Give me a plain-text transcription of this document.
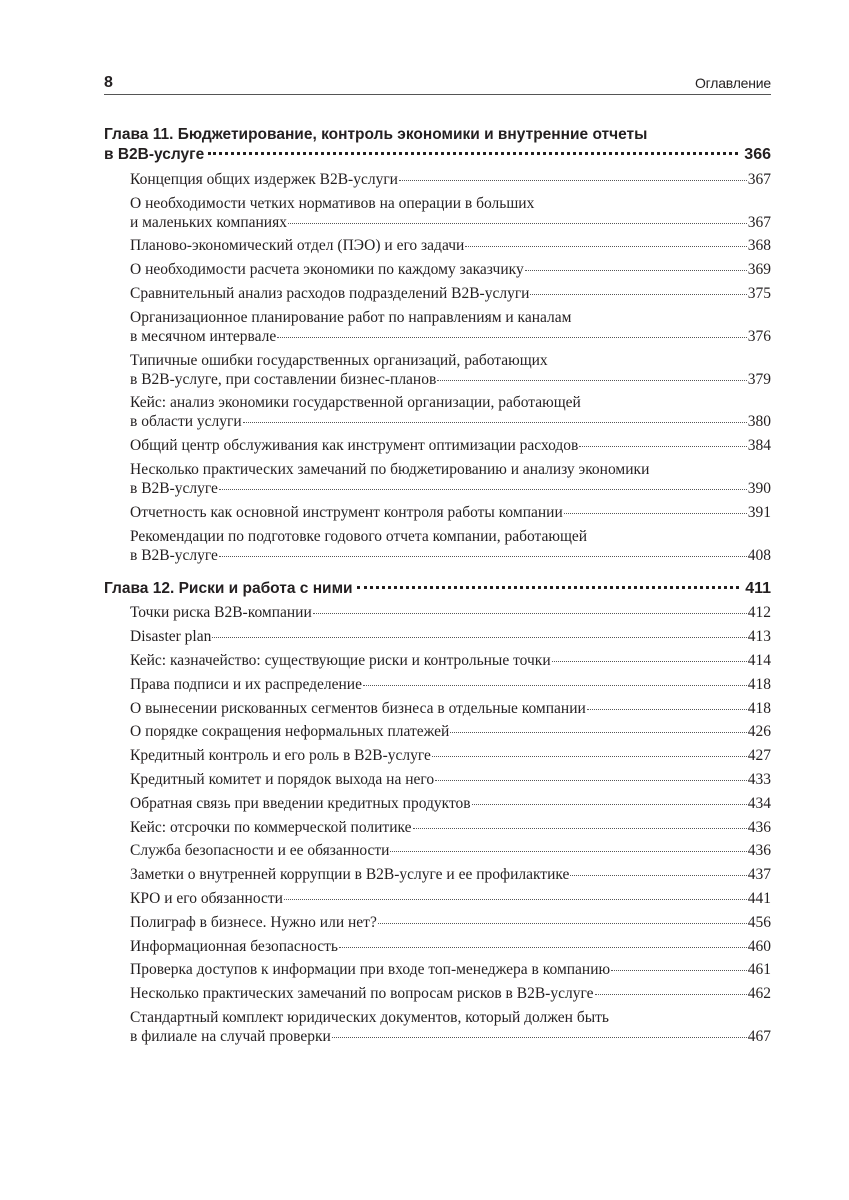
8	Оглавление
Глава 11. Бюджетирование, контроль экономики и внутренние отчеты
в B2B-услуге	366
Концепция общих издержек B2B-услуги	367
О необходимости четких нормативов на операции в больших
и маленьких компаниях	367
Планово-экономический отдел (ПЭО) и его задачи	368
О необходимости расчета экономики по каждому заказчику	369
Сравнительный анализ расходов подразделений B2B-услуги	375
Организационное планирование работ по направлениям и каналам
в месячном интервале	376
Типичные ошибки государственных организаций, работающих
в B2B-услуге, при составлении бизнес-планов	379
Кейс: анализ экономики государственной организации, работающей
в области услуги	380
Общий центр обслуживания как инструмент оптимизации расходов	384
Несколько практических замечаний по бюджетированию и анализу экономики
в B2B-услуге	390
Отчетность как основной инструмент контроля работы компании	391
Рекомендации по подготовке годового отчета компании, работающей
в B2B-услуге	408
Глава 12. Риски и работа с ними	411
Точки риска B2B-компании	412
Disaster plan	413
Кейс: казначейство: существующие риски и контрольные точки	414
Права подписи и их распределение	418
О вынесении рискованных сегментов бизнеса в отдельные компании	418
О порядке сокращения неформальных платежей	426
Кредитный контроль и его роль в B2B-услуге	427
Кредитный комитет и порядок выхода на него	433
Обратная связь при введении кредитных продуктов	434
Кейс: отсрочки по коммерческой политике	436
Служба безопасности и ее обязанности	436
Заметки о внутренней коррупции в B2B-услуге и ее профилактике	437
КРО и его обязанности	441
Полиграф в бизнесе. Нужно или нет?	456
Информационная безопасность	460
Проверка доступов к информации при входе топ-менеджера в компанию	461
Несколько практических замечаний по вопросам рисков в B2B-услуге	462
Стандартный комплект юридических документов, который должен быть
в филиале на случай проверки	467
